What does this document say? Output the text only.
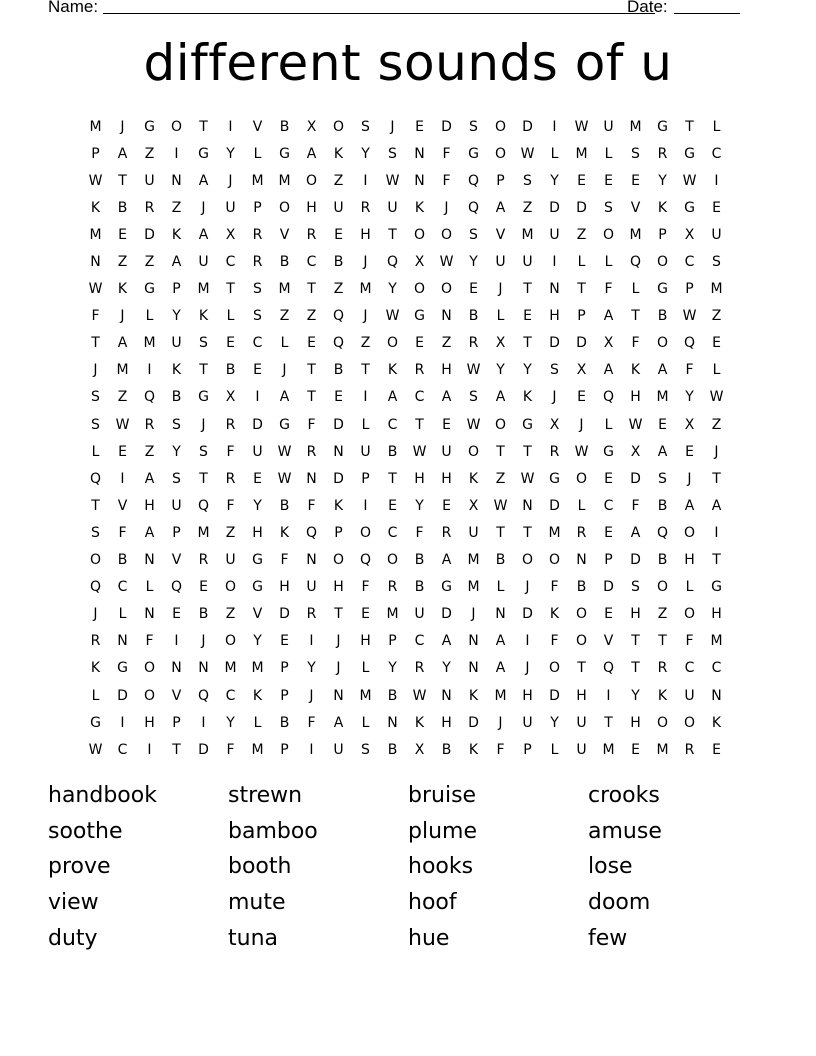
Name:	Date:
different sounds of u
M	J	G	O	T	I	V	B	X	O	S	J	E	D	S	O	D	I	W	U	M	G	T	L
P	A	Z	I	G	Y	L	G	A	K	Y	S	N	F	G	O	W	L	M	L	S	R	G	C
W	T	U	N	A	J	M	M	O	Z	I	W	N	F	Q	P	S	Y	E	E	E	Y	W	I
K	B	R	Z	J	U	P	O	H	U	R	U	K	J	Q	A	Z	D	D	S	V	K	G	E
M	E	D	K	A	X	R	V	R	E	H	T	O	O	S	V	M	U	Z	O	M	P	X	U
N	Z	Z	A	U	C	R	B	C	B	J	Q	X	W	Y	U	U	I	L	L	Q	O	C	S
W	K	G	P	M	T	S	M	T	Z	M	Y	O	O	E	J	T	N	T	F	L	G	P	M
F	J	L	Y	K	L	S	Z	Z	Q	J	W	G	N	B	L	E	H	P	A	T	B	W	Z
T	A	M	U	S	E	C	L	E	Q	Z	O	E	Z	R	X	T	D	D	X	F	O	Q	E
J	M	I	K	T	B	E	J	T	B	T	K	R	H	W	Y	Y	S	X	A	K	A	F	L
S	Z	Q	B	G	X	I	A	T	E	I	A	C	A	S	A	K	J	E	Q	H	M	Y	W
S	W	R	S	J	R	D	G	F	D	L	C	T	E	W	O	G	X	J	L	W	E	X	Z
L	E	Z	Y	S	F	U	W	R	N	U	B	W	U	O	T	T	R	W	G	X	A	E	J
Q	I	A	S	T	R	E	W	N	D	P	T	H	H	K	Z	W	G	O	E	D	S	J	T
T	V	H	U	Q	F	Y	B	F	K	I	E	Y	E	X	W	N	D	L	C	F	B	A	A
S	F	A	P	M	Z	H	K	Q	P	O	C	F	R	U	T	T	M	R	E	A	Q	O	I
O	B	N	V	R	U	G	F	N	O	Q	O	B	A	M	B	O	O	N	P	D	B	H	T
Q	C	L	Q	E	O	G	H	U	H	F	R	B	G	M	L	J	F	B	D	S	O	L	G
J	L	N	E	B	Z	V	D	R	T	E	M	U	D	J	N	D	K	O	E	H	Z	O	H
R	N	F	I	J	O	Y	E	I	J	H	P	C	A	N	A	I	F	O	V	T	T	F	M
K	G	O	N	N	M	M	P	Y	J	L	Y	R	Y	N	A	J	O	T	Q	T	R	C	C
L	D	O	V	Q	C	K	P	J	N	M	B	W	N	K	M	H	D	H	I	Y	K	U	N
G	I	H	P	I	Y	L	B	F	A	L	N	K	H	D	J	U	Y	U	T	H	O	O	K
W	C	I	T	D	F	M	P	I	U	S	B	X	B	K	F	P	L	U	M	E	M	R	E
handbook	strewn	bruise	crooks
soothe	bamboo	plume	amuse
prove	booth	hooks	lose
view	mute	hoof	doom
duty	tuna	hue	few
